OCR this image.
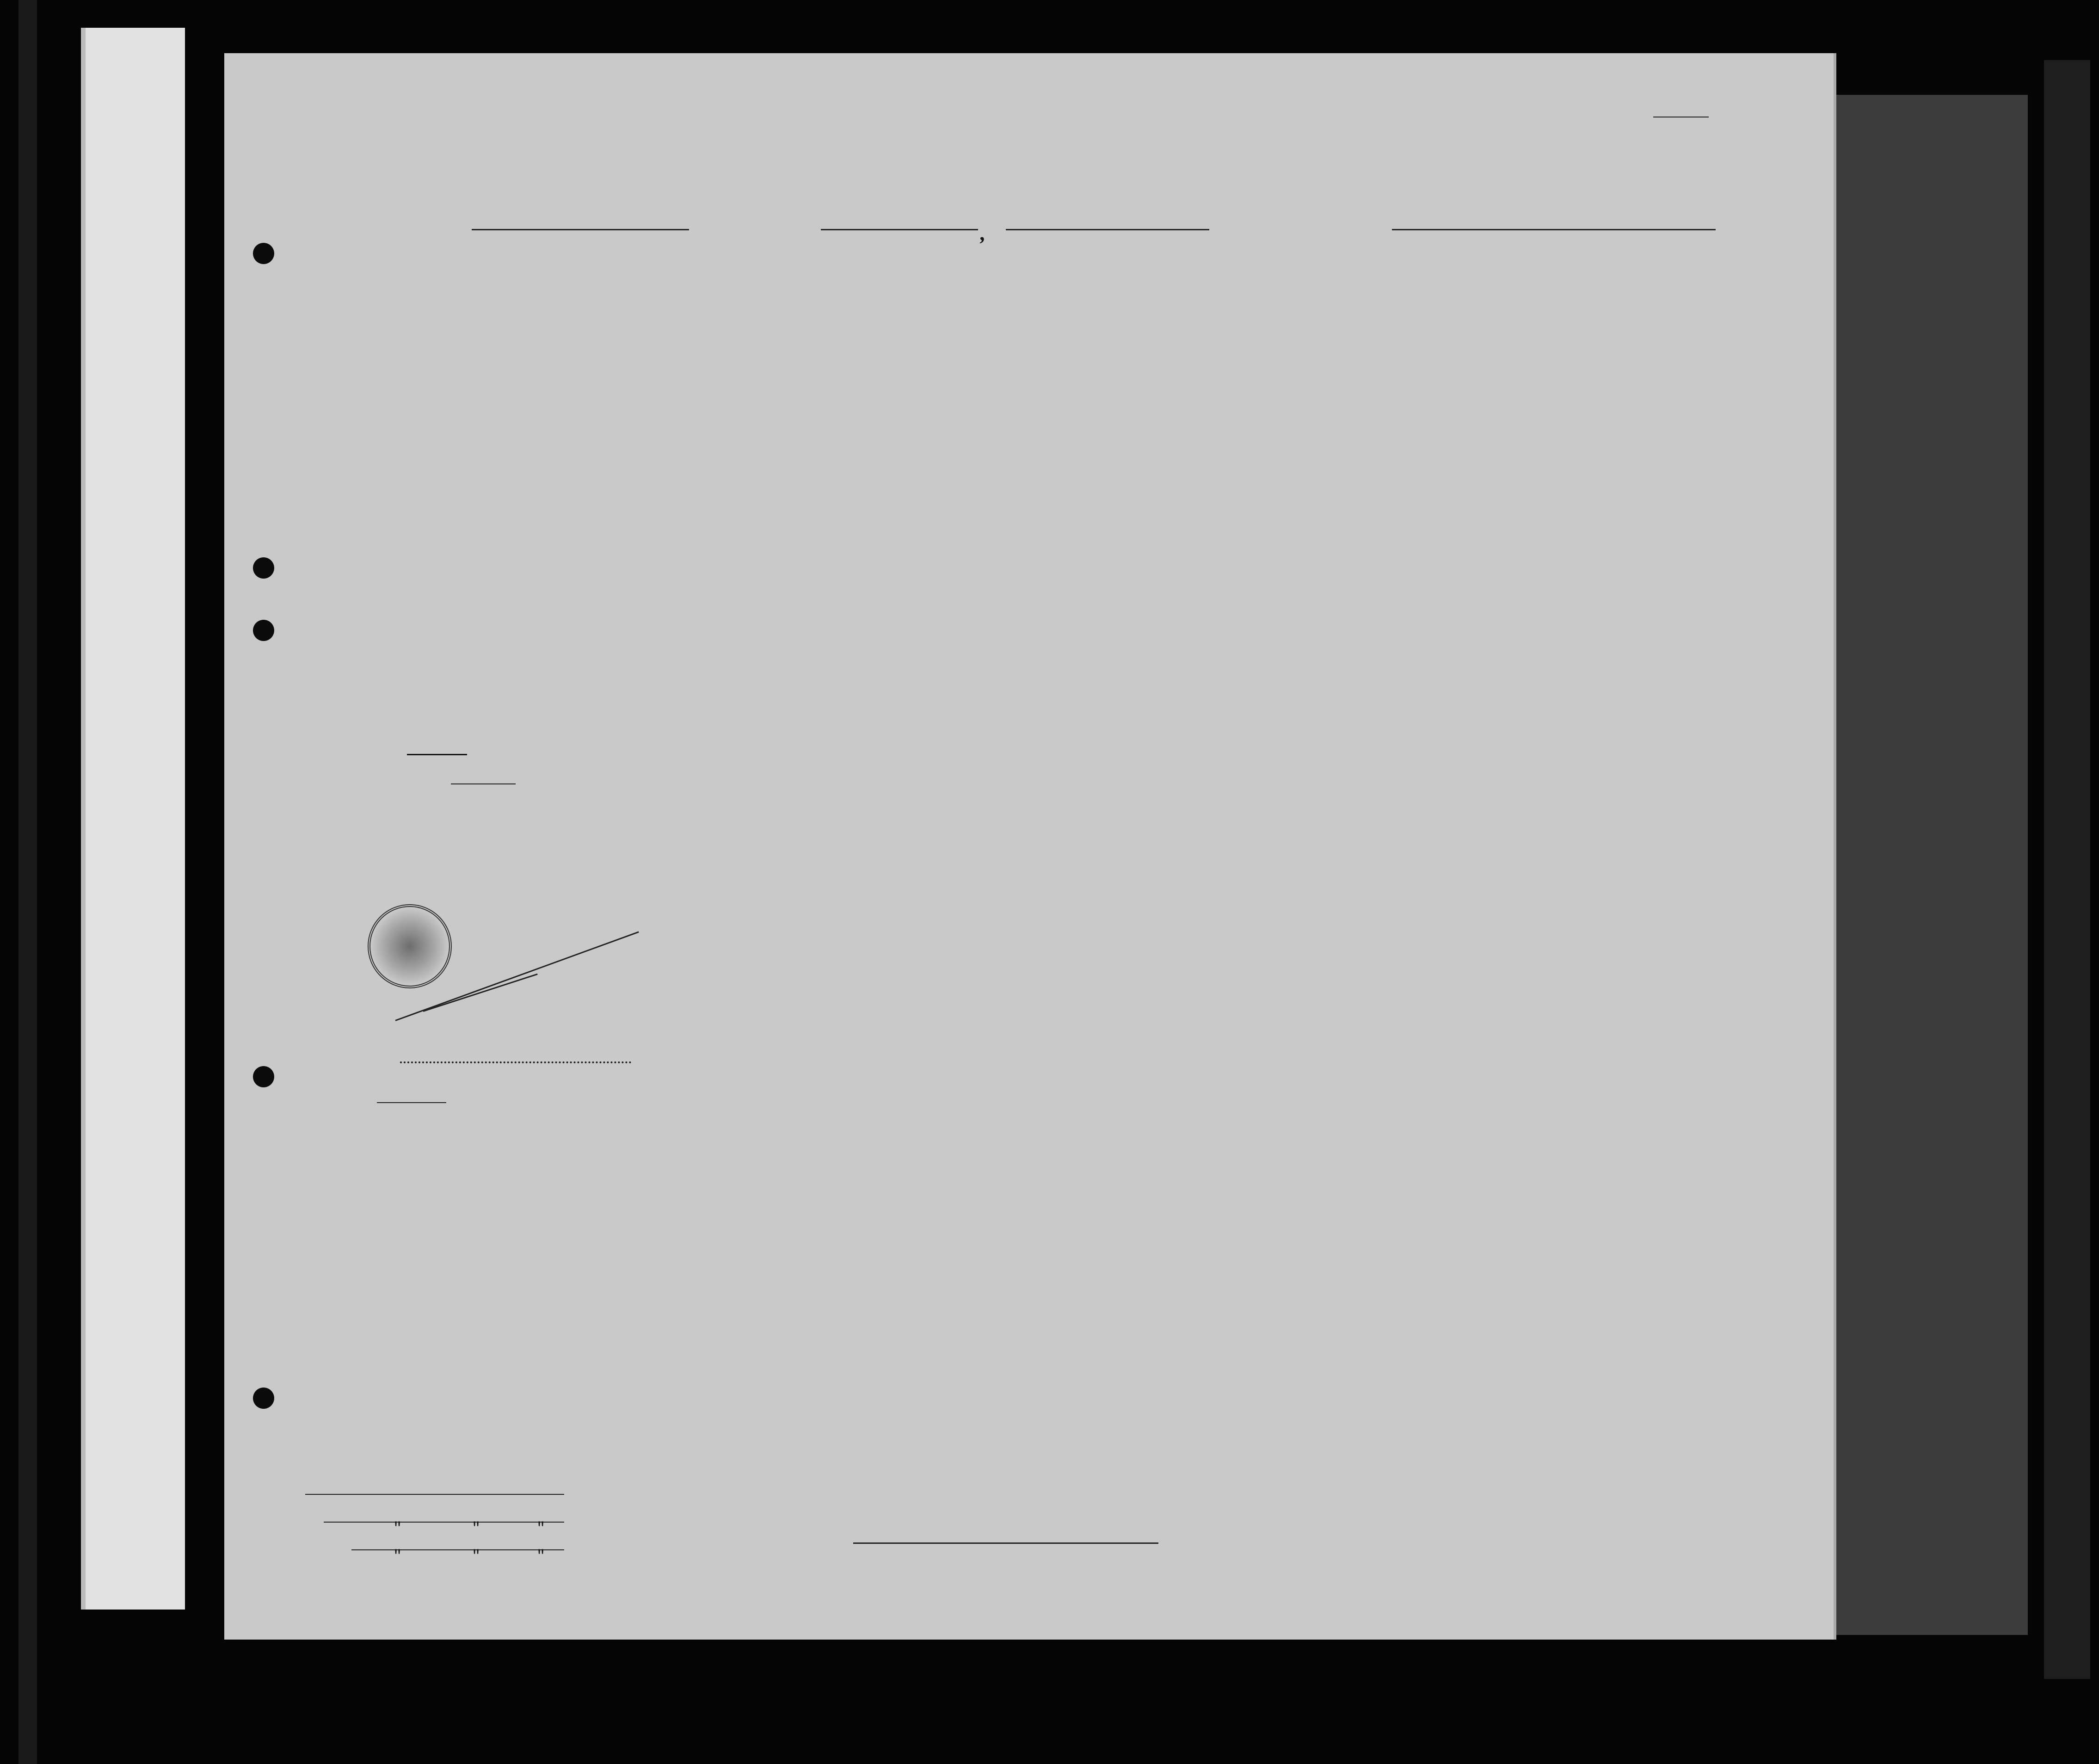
,
"	"	"
"	"	"
